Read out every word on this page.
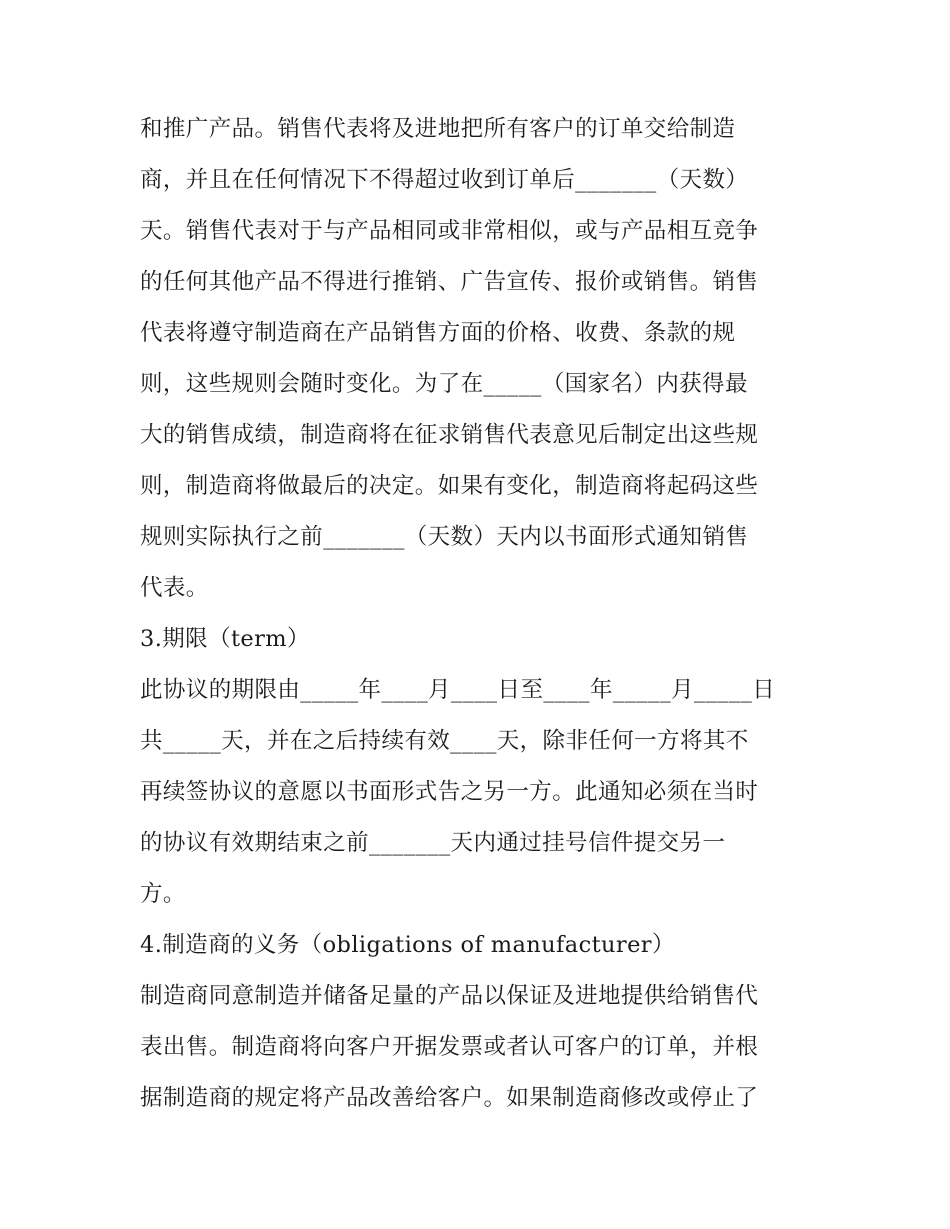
和推广产品。销售代表将及进地把所有客户的订单交给制造
商，并且在任何情况下不得超过收到订单后_______（天数）
天。销售代表对于与产品相同或非常相似，或与产品相互竞争
的任何其他产品不得进行推销、广告宣传、报价或销售。销售
代表将遵守制造商在产品销售方面的价格、收费、条款的规
则，这些规则会随时变化。为了在_____（国家名）内获得最
大的销售成绩，制造商将在征求销售代表意见后制定出这些规
则，制造商将做最后的决定。如果有变化，制造商将起码这些
规则实际执行之前_______（天数）天内以书面形式通知销售
代表。
3.期限（term）
此协议的期限由_____年____月____日至____年_____月_____日
共_____天，并在之后持续有效____天，除非任何一方将其不
再续签协议的意愿以书面形式告之另一方。此通知必须在当时
的协议有效期结束之前_______天内通过挂号信件提交另一
方。
4.制造商的义务（obligations of manufacturer）
制造商同意制造并储备足量的产品以保证及进地提供给销售代
表出售。制造商将向客户开据发票或者认可客户的订单，并根
据制造商的规定将产品改善给客户。如果制造商修改或停止了
